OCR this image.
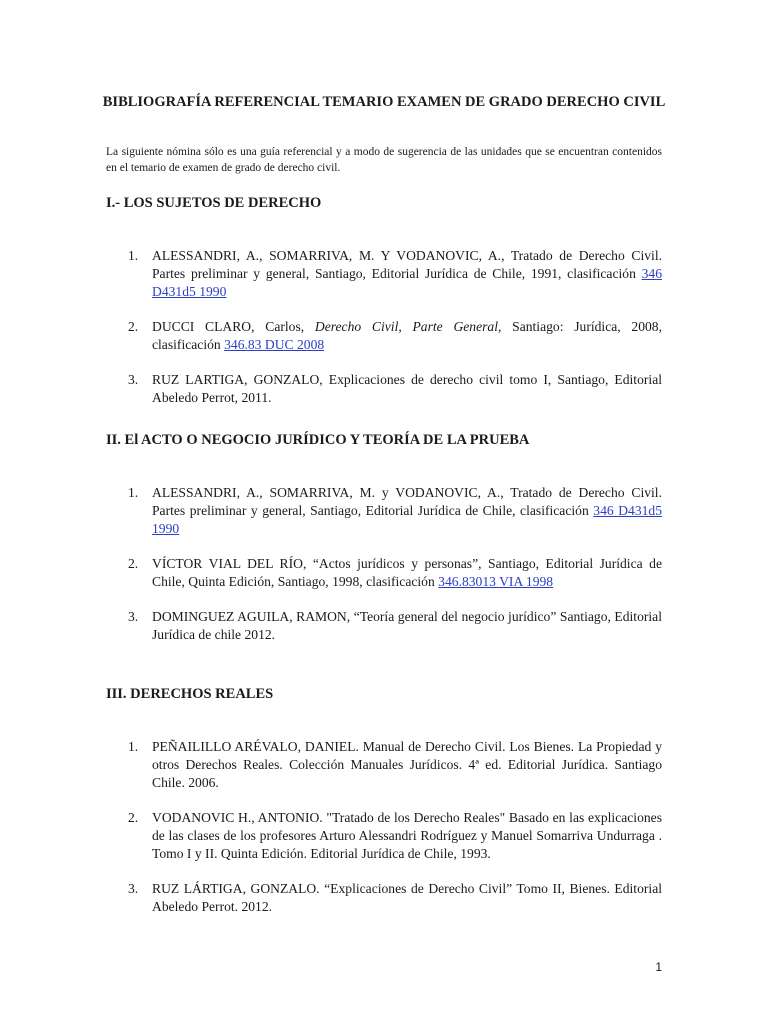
BIBLIOGRAFÍA REFERENCIAL TEMARIO EXAMEN DE GRADO DERECHO CIVIL
La siguiente nómina sólo es una guía referencial y a modo de sugerencia de las unidades que se encuentran contenidos en el temario de examen de grado de derecho civil.
I.- LOS SUJETOS DE DERECHO
1. ALESSANDRI, A., SOMARRIVA, M. Y VODANOVIC, A., Tratado de Derecho Civil. Partes preliminar y general, Santiago, Editorial Jurídica de Chile, 1991, clasificación 346 D431d5 1990
2. DUCCI CLARO, Carlos, Derecho Civil, Parte General, Santiago: Jurídica, 2008, clasificación 346.83 DUC 2008
3. RUZ LARTIGA, GONZALO, Explicaciones de derecho civil tomo I, Santiago, Editorial Abeledo Perrot, 2011.
II. El ACTO O NEGOCIO JURÍDICO Y TEORÍA DE LA PRUEBA
1. ALESSANDRI, A., SOMARRIVA, M. y VODANOVIC, A., Tratado de Derecho Civil. Partes preliminar y general, Santiago, Editorial Jurídica de Chile, clasificación 346 D431d5 1990
2. VÍCTOR VIAL DEL RÍO, “Actos jurídicos y personas”, Santiago, Editorial Jurídica de Chile, Quinta Edición, Santiago, 1998, clasificación 346.83013 VIA 1998
3. DOMINGUEZ AGUILA, RAMON, “Teoría general del negocio jurídico” Santiago, Editorial Jurídica de chile 2012.
III. DERECHOS REALES
1. PEÑAILILLO ARÉVALO, DANIEL. Manual de Derecho Civil. Los Bienes. La Propiedad y otros Derechos Reales. Colección Manuales Jurídicos. 4ª ed. Editorial Jurídica. Santiago Chile. 2006.
2. VODANOVIC H., ANTONIO. "Tratado de los Derecho Reales" Basado en las explicaciones de las clases de los profesores Arturo Alessandri Rodríguez y Manuel Somarriva Undurraga . Tomo I y II. Quinta Edición. Editorial Jurídica de Chile, 1993.
3. RUZ LÁRTIGA, GONZALO. “Explicaciones de Derecho Civil” Tomo II, Bienes. Editorial Abeledo Perrot. 2012.
1
